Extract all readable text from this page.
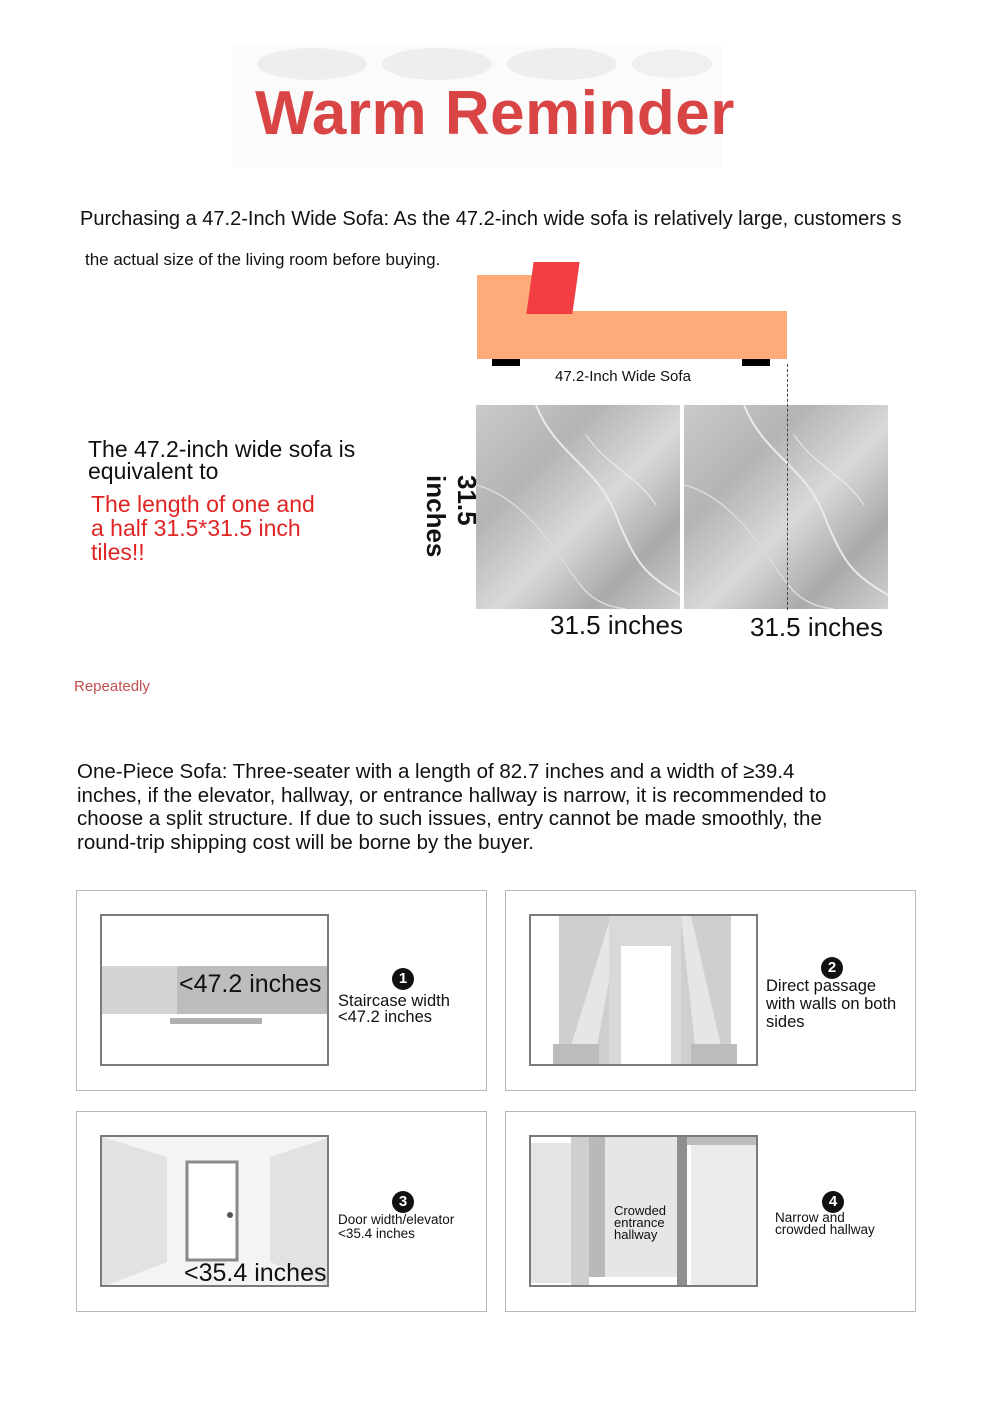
Warm Reminder
Purchasing a 47.2-Inch Wide Sofa: As the 47.2-inch wide sofa is relatively large, customers s
the actual size of the living room before buying.
47.2-Inch Wide Sofa
31.5 inches
31.5 inches	31.5 inches
The 47.2-inch wide sofa is equivalent to
The length of one and a half 31.5*31.5 inch tiles!!
Repeatedly
One-Piece Sofa: Three-seater with a length of 82.7 inches and a width of ≥39.4 inches, if the elevator, hallway, or entrance hallway is narrow, it is recommended to choose a split structure. If due to such issues, entry cannot be made smoothly, the round-trip shipping cost will be borne by the buyer.
<47.2 inches	1
Staircase width <47.2 inches
2
Direct passage with walls on both sides
<35.4 inches
3
Door width/elevator <35.4 inches
Crowded entrance hallway
4
Narrow and crowded hallway
